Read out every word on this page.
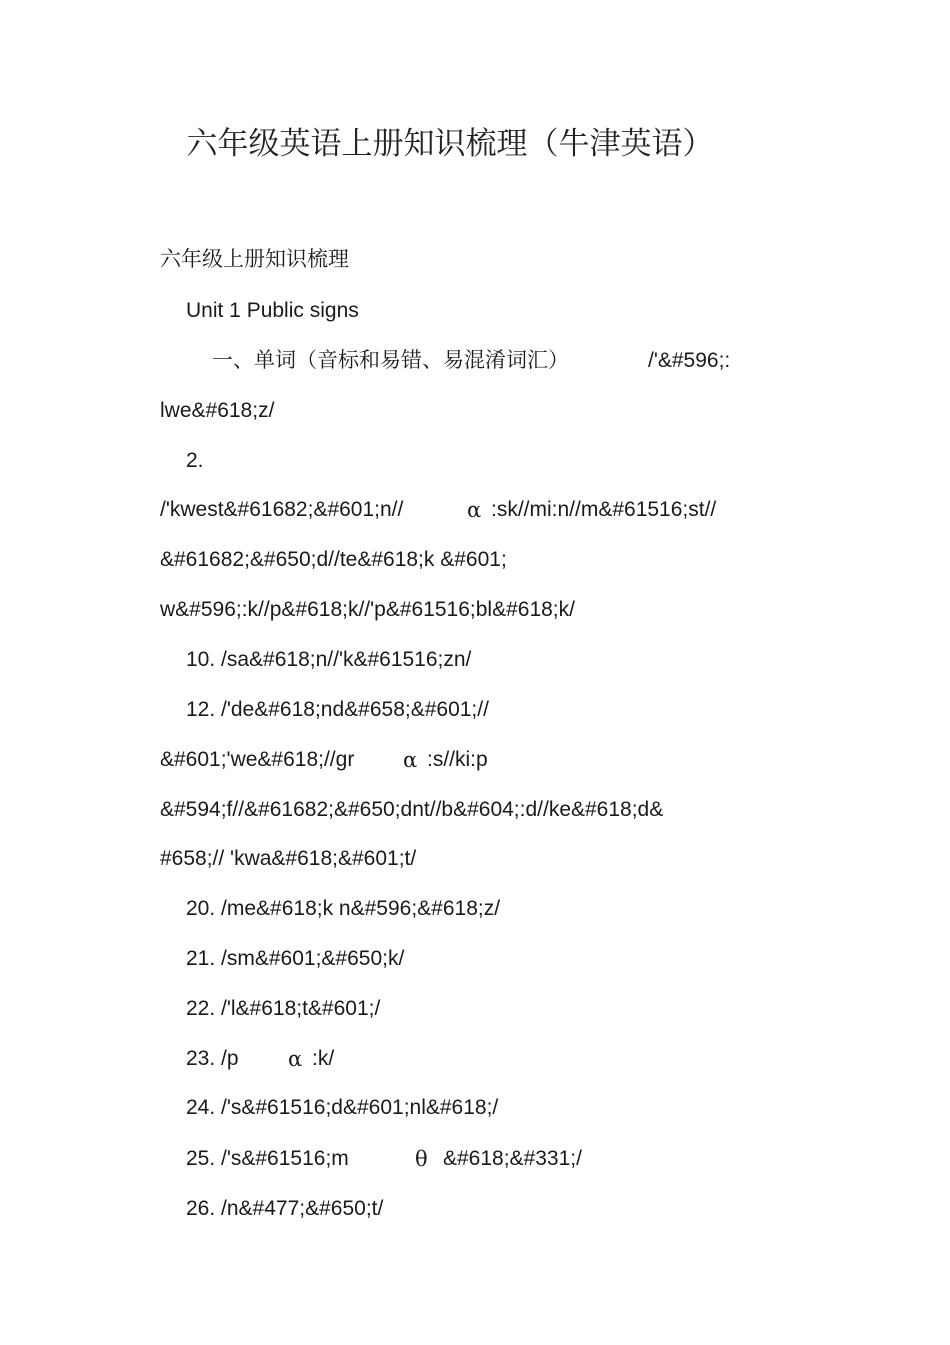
六年级英语上册知识梳理（牛津英语）
六年级上册知识梳理
Unit 1 Public signs
一、单词（音标和易错、易混淆词汇）	/'&#596;:
lwe&#618;z/
2.
/'kwest&#61682;&#601;n//	α :sk//mi:n//m&#61516;st//
&#61682;&#650;d//te&#618;k &#601;
w&#596;:k//p&#618;k//'p&#61516;bl&#618;k/
10. /sa&#618;n//'k&#61516;zn/
12. /'de&#618;nd&#658;&#601;//
&#601;'we&#618;//gr α :s//ki:p
&#594;f//&#61682;&#650;dnt//b&#604;:d//ke&#618;d&
#658;// 'kwa&#618;&#601;t/
20. /me&#618;k n&#596;&#618;z/
21. /sm&#601;&#650;k/
22. /'l&#618;t&#601;/
23. /p α :k/
24. /'s&#61516;d&#601;nl&#618;/
25. /'s&#61516;m	θ &#618;&#331;/
26. /n&#477;&#650;t/
